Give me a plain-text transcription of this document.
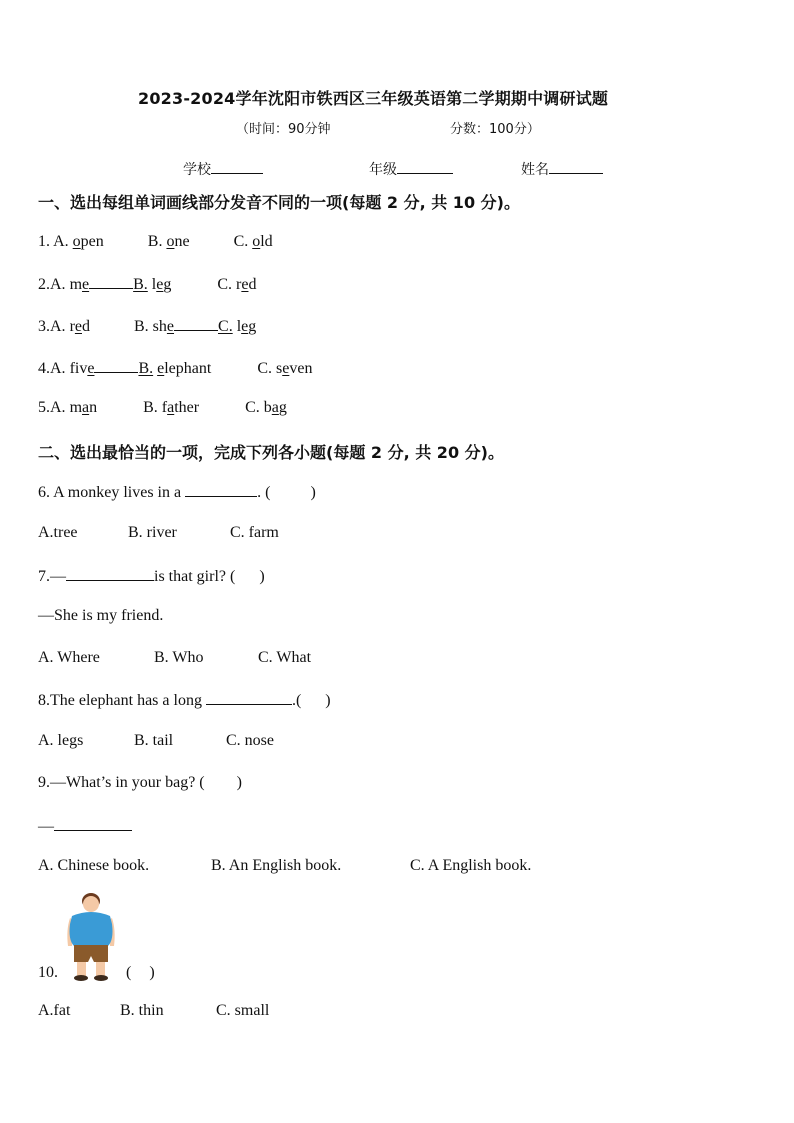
2023-2024学年沈阳市铁西区三年级英语第二学期期中调研试题
（时间：90分钟	分数：100分）
学校	年级	姓名
一、选出每组单词画线部分发音不同的一项(每题 2 分, 共 10 分)。
1. A. open	B. one	C. old
2.A. me	B. leg	C. red
3.A. red	B. she	C. leg
4.A. five	B. elephant	C. seven
5.A. man	B. father	C. bag
二、选出最恰当的一项，完成下列各小题(每题 2 分, 共 20 分)。
6. A monkey lives in a	. (	)
A.tree	B. river	C. farm
7.—	is that girl? ( )
—She is my friend.
A. Where	B. Who	C. What
8.The elephant has a long	.( )
A. legs	B. tail	C. nose
9.—What’s in your bag? ( )
—
A. Chinese book.	B. An English book.	C. A English book.
10.	( )
A.fat	B. thin	C. small
